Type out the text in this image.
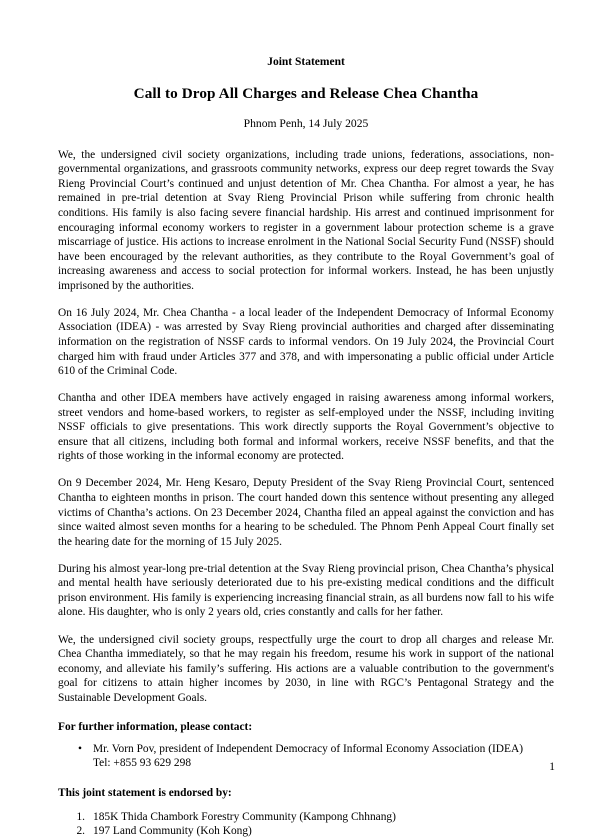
Joint Statement
Call to Drop All Charges and Release Chea Chantha
Phnom Penh, 14 July 2025

We, the undersigned civil society organizations, including trade unions, federations, associations, non-governmental organizations, and grassroots community networks, express our deep regret towards the Svay Rieng Provincial Court’s continued and unjust detention of Mr. Chea Chantha. For almost a year, he has remained in pre-trial detention at Svay Rieng Provincial Prison while suffering from chronic health conditions. His family is also facing severe financial hardship. His arrest and continued imprisonment for encouraging informal economy workers to register in a government labour protection scheme is a grave miscarriage of justice. His actions to increase enrolment in the National Social Security Fund (NSSF) should have been encouraged by the relevant authorities, as they contribute to the Royal Government’s goal of increasing awareness and access to social protection for informal workers. Instead, he has been unjustly imprisoned by the authorities.

On 16 July 2024, Mr. Chea Chantha - a local leader of the Independent Democracy of Informal Economy Association (IDEA) - was arrested by Svay Rieng provincial authorities and charged after disseminating information on the registration of NSSF cards to informal vendors. On 19 July 2024, the Provincial Court charged him with fraud under Articles 377 and 378, and with impersonating a public official under Article 610 of the Criminal Code.

Chantha and other IDEA members have actively engaged in raising awareness among informal workers, street vendors and home-based workers, to register as self-employed under the NSSF, including inviting NSSF officials to give presentations. This work directly supports the Royal Government’s objective to ensure that all citizens, including both formal and informal workers, receive NSSF benefits, and that the rights of those working in the informal economy are protected.

On 9 December 2024, Mr. Heng Kesaro, Deputy President of the Svay Rieng Provincial Court, sentenced Chantha to eighteen months in prison. The court handed down this sentence without presenting any alleged victims of Chantha’s actions. On 23 December 2024, Chantha filed an appeal against the conviction and has since waited almost seven months for a hearing to be scheduled. The Phnom Penh Appeal Court finally set the hearing date for the morning of 15 July 2025.

During his almost year-long pre-trial detention at the Svay Rieng provincial prison, Chea Chantha’s physical and mental health have seriously deteriorated due to his pre-existing medical conditions and the difficult prison environment. His family is experiencing increasing financial strain, as all burdens now fall to his wife alone. His daughter, who is only 2 years old, cries constantly and calls for her father.

We, the undersigned civil society groups, respectfully urge the court to drop all charges and release Mr. Chea Chantha immediately, so that he may regain his freedom, resume his work in support of the national economy, and alleviate his family’s suffering. His actions are a valuable contribution to the government's goal for citizens to attain higher incomes by 2030, in line with RGC’s Pentagonal Strategy and the Sustainable Development Goals.

For further information, please contact:
• Mr. Vorn Pov, president of Independent Democracy of Informal Economy Association (IDEA)
Tel: +855 93 629 298
This joint statement is endorsed by:
1. 185K Thida Chambork Forestry Community (Kampong Chhnang)
2. 197 Land Community (Koh Kong)
1
